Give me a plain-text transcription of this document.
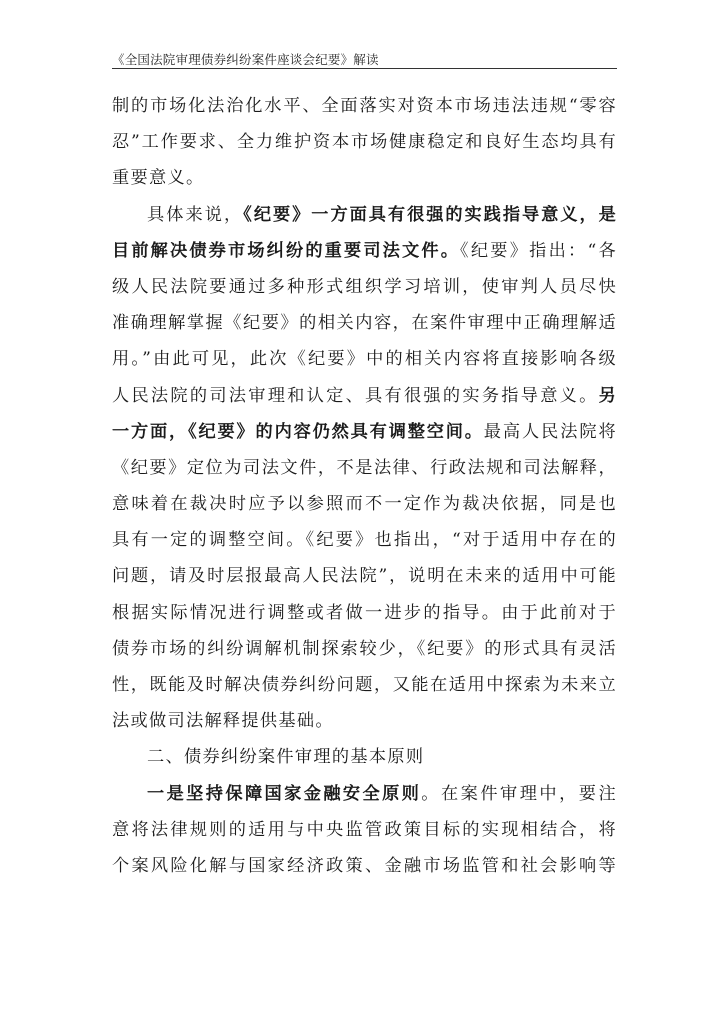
《全国法院审理债券纠纷案件座谈会纪要》解读
制的市场化法治化水平、全面落实对资本市场违法违规“零容
忍”工作要求、全力维护资本市场健康稳定和良好生态均具有
重要意义。
具体来说，《纪要》一方面具有很强的实践指导意义，是
目前解决债券市场纠纷的重要司法文件。《纪要》指出：“各
级人民法院要通过多种形式组织学习培训，使审判人员尽快
准确理解掌握《纪要》的相关内容，在案件审理中正确理解适
用。”由此可见，此次《纪要》中的相关内容将直接影响各级
人民法院的司法审理和认定、具有很强的实务指导意义。另
一方面，《纪要》的内容仍然具有调整空间。最高人民法院将
《纪要》定位为司法文件，不是法律、行政法规和司法解释，
意味着在裁决时应予以参照而不一定作为裁决依据，同是也
具有一定的调整空间。《纪要》也指出，“对于适用中存在的
问题，请及时层报最高人民法院”，说明在未来的适用中可能
根据实际情况进行调整或者做一进步的指导。由于此前对于
债券市场的纠纷调解机制探索较少，《纪要》的形式具有灵活
性，既能及时解决债券纠纷问题，又能在适用中探索为未来立
法或做司法解释提供基础。
二、债券纠纷案件审理的基本原则
一是坚持保障国家金融安全原则。在案件审理中，要注
意将法律规则的适用与中央监管政策目标的实现相结合，将
个案风险化解与国家经济政策、金融市场监管和社会影响等
